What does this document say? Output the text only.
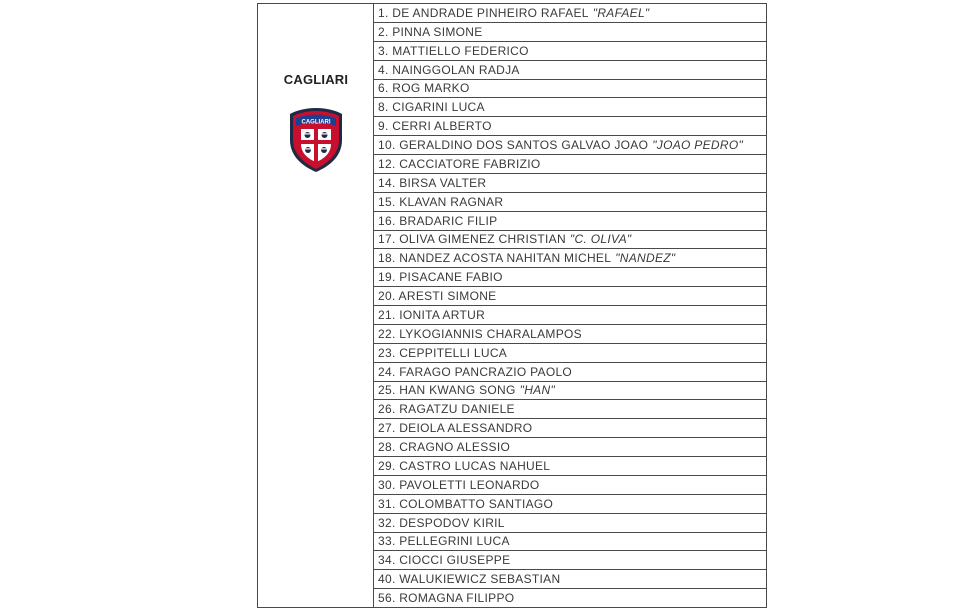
CAGLIARI
CAGLIARI
1. DE ANDRADE PINHEIRO RAFAEL "RAFAEL"
2. PINNA SIMONE
3. MATTIELLO FEDERICO
4. NAINGGOLAN RADJA
6. ROG MARKO
8. CIGARINI LUCA
9. CERRI ALBERTO
10. GERALDINO DOS SANTOS GALVAO JOAO "JOAO PEDRO"
12. CACCIATORE FABRIZIO
14. BIRSA VALTER
15. KLAVAN RAGNAR
16. BRADARIC FILIP
17. OLIVA GIMENEZ CHRISTIAN "C. OLIVA"
18. NANDEZ ACOSTA NAHITAN MICHEL "NANDEZ"
19. PISACANE FABIO
20. ARESTI SIMONE
21. IONITA ARTUR
22. LYKOGIANNIS CHARALAMPOS
23. CEPPITELLI LUCA
24. FARAGO PANCRAZIO PAOLO
25. HAN KWANG SONG "HAN"
26. RAGATZU DANIELE
27. DEIOLA ALESSANDRO
28. CRAGNO ALESSIO
29. CASTRO LUCAS NAHUEL
30. PAVOLETTI LEONARDO
31. COLOMBATTO SANTIAGO
32. DESPODOV KIRIL
33. PELLEGRINI LUCA
34. CIOCCI GIUSEPPE
40. WALUKIEWICZ SEBASTIAN
56. ROMAGNA FILIPPO
